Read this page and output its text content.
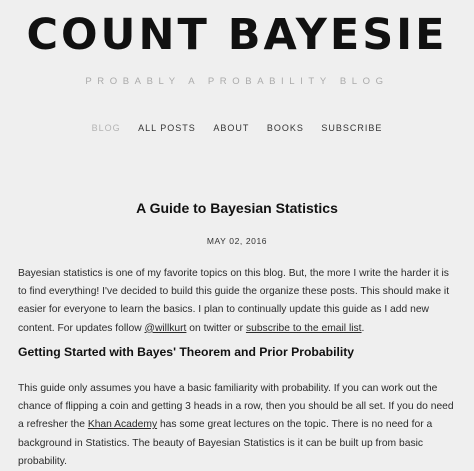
COUNT BAYESIE
PROBABLY A PROBABILITY BLOG
BLOG ALL POSTS ABOUT BOOKS SUBSCRIBE
A Guide to Bayesian Statistics
MAY 02, 2016

Bayesian statistics is one of my favorite topics on this blog. But, the more I write the harder it is to find everything! I've decided to build this guide the organize these posts. This should make it easier for everyone to learn the basics. I plan to continually update this guide as I add new content. For updates follow @willkurt on twitter or subscribe to the email list.

Getting Started with Bayes' Theorem and Prior Probability

This guide only assumes you have a basic familiarity with probability. If you can work out the chance of flipping a coin and getting 3 heads in a row, then you should be all set. If you do need a refresher the Khan Academy has some great lectures on the topic. There is no need for a background in Statistics. The beauty of Bayesian Statistics is it can be built up from basic probability.
